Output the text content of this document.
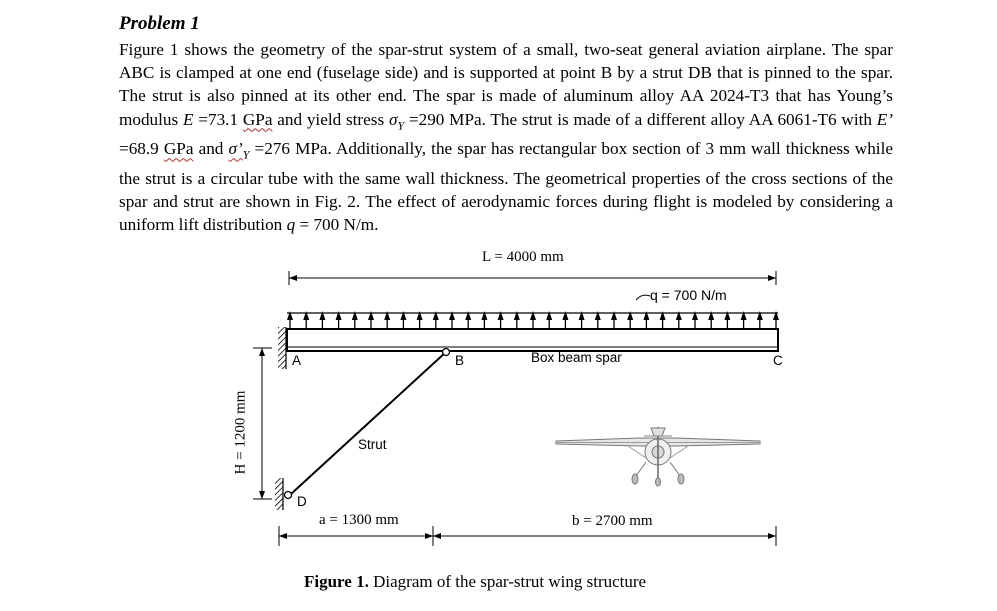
Problem 1
Figure 1 shows the geometry of the spar-strut system of a small, two-seat general aviation airplane. The spar ABC is clamped at one end (fuselage side) and is supported at point B by a strut DB that is pinned to the spar. The strut is also pinned at its other end. The spar is made of aluminum alloy AA 2024-T3 that has Young’s modulus E =73.1 GPa and yield stress $\sigma_Y =290$ MPa. The strut is made of a different alloy AA 6061-T6 with E’ =68.9 GPa and $\sigma’_Y =276$ MPa. Additionally, the spar has rectangular box section of 3 mm wall thickness while the strut is a circular tube with the same wall thickness. The geometrical properties of the cross sections of the spar and strut are shown in Fig. 2. The effect of aerodynamic forces during flight is modeled by considering a uniform lift distribution q = 700 N/m.
L = 4000 mm
q = 700 N/m
A	B	Box beam spar	C
Strut
D
H = 1200 mm
a = 1300 mm	b = 2700 mm
Figure 1. Diagram of the spar-strut wing structure
